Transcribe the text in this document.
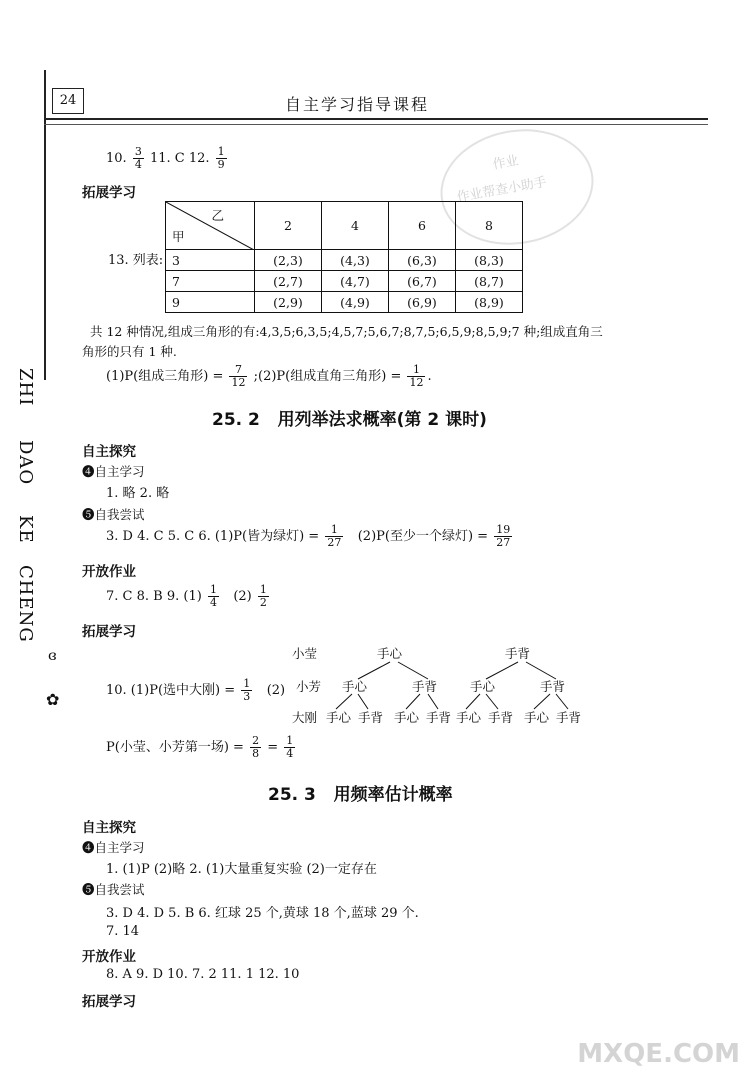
24	自主学习指导课程
作业
作业帮查小助手
ZHI
DAO
KE
CHENG
ɞ
✿
10. $\frac{3}{4} 11$. C 12. $\frac{1}{9}$
拓展学习
13. 列表:
乙
甲	2	4	6	8
3	(2,3)	(4,3)	(6,3)	(8,3)
7	(2,7)	(4,7)	(6,7)	(8,7)
9	(2,9)	(4,9)	(6,9)	(8,9)
共 12 种情况,组成三角形的有:4,3,5;6,3,5;4,5,7;5,6,7;8,7,5;6,5,9;8,5,9;7 种;组成直角三
角形的只有 1 种.
(1)P(组成三角形) = $\frac{7}{12}$ ;(2)P(组成直角三角形) = $\frac{1}{12}$ .
25. 2 用列举法求概率(第 2 课时)
自主探究
❹自主学习
1. 略 2. 略
❺自我尝试
3. D 4. C 5. C 6. (1)P(皆为绿灯) = $\frac{1}{27} (2)P$(至少一个绿灯) = $\frac{19}{27}$
开放作业
7. C 8. B 9. $(1) \frac{1}{4} (2) \frac{1}{2}$
拓展学习
10. (1)P(选中大刚) = $\frac{1}{3} (2)$
小莹
小芳
大刚
手心	手背
手心	手背	手心	手背
手心 手背 手心 手背 手心 手背 手心 手背
P(小莹、小芳第一场) = $\frac{2}{8} = \frac{1}{4}$
25. 3 用频率估计概率
自主探究
❹自主学习
1. (1)P (2)略 2. (1)大量重复实验 (2)一定存在
❺自我尝试
3. D 4. D 5. B 6. 红球 25 个,黄球 18 个,蓝球 29 个.
7. 14
开放作业
8. A 9. D 10. 7. 2 11. 1 12. 10
拓展学习
MXQE.COM
